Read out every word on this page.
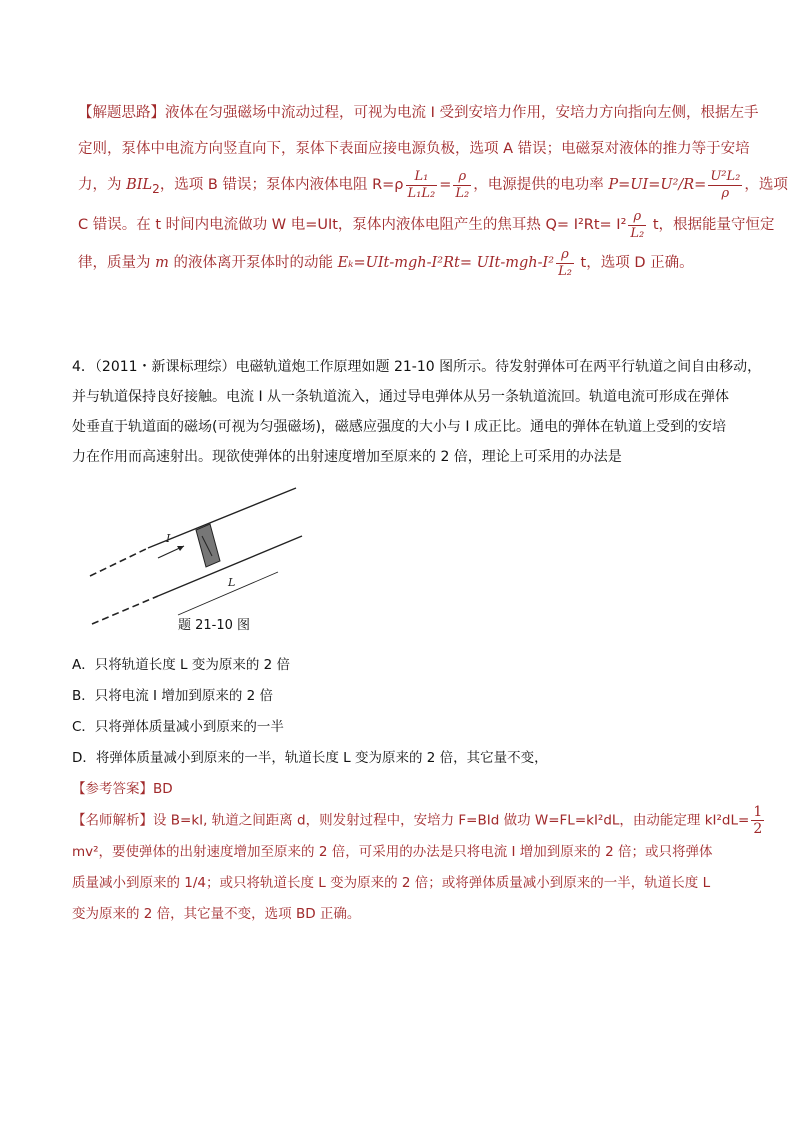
【解题思路】液体在匀强磁场中流动过程，可视为电流 I 受到安培力作用，安培力方向指向左侧，根据左手
定则，泵体中电流方向竖直向下，泵体下表面应接电源负极，选项 A 错误；电磁泵对液体的推力等于安培
力，为 $BIL_2$，选项 B 错误；泵体内液体电阻 $R=\rho \frac{\text{L₁}}{\text{L₁L₂}} = \frac{\rho}{\text{L₂}}$ ，电源提供的电功率 $P=UI=U^2/R= \frac{\text{U²L₂}}{\rho}$ ，选项
C 错误。在 t 时间内电流做功 W 电=UIt，泵体内液体电阻产生的焦耳热 $Q= I^2Rt= I^2 \frac{\rho}{\text{L₂}}$ t，根据能量守恒定
律，质量为 m 的液体离开泵体时的动能 $E_k=UIt-mgh-I^2Rt= UIt-mgh-I^2 \frac{\rho}{\text{L₂}}$ t，选项 D 正确。
4．（2011・新课标理综）电磁轨道炮工作原理如题 21-10 图所示。待发射弹体可在两平行轨道之间自由移动，
并与轨道保持良好接触。电流 I 从一条轨道流入，通过导电弹体从另一条轨道流回。轨道电流可形成在弹体
处垂直于轨道面的磁场(可视为匀强磁场)，磁感应强度的大小与 I 成正比。通电的弹体在轨道上受到的安培
力在作用而高速射出。现欲使弹体的出射速度增加至原来的 2 倍，理论上可采用的办法是
I
L
题 21-10 图
A．只将轨道长度 L 变为原来的 2 倍
B．只将电流 I 增加到原来的 2 倍
C．只将弹体质量减小到原来的一半
D．将弹体质量减小到原来的一半，轨道长度 L 变为原来的 2 倍，其它量不变，
【参考答案】BD
【名师解析】设 B=kI, 轨道之间距离 d，则发射过程中，安培力 F=BId 做功 W=FL=kI²dL，由动能定理 $kI^2dL= \frac{1}{2}$
mv²，要使弹体的出射速度增加至原来的 2 倍，可采用的办法是只将电流 I 增加到原来的 2 倍；或只将弹体
质量减小到原来的 1/4；或只将轨道长度 L 变为原来的 2 倍；或将弹体质量减小到原来的一半，轨道长度 L
变为原来的 2 倍，其它量不变，选项 BD 正确。
